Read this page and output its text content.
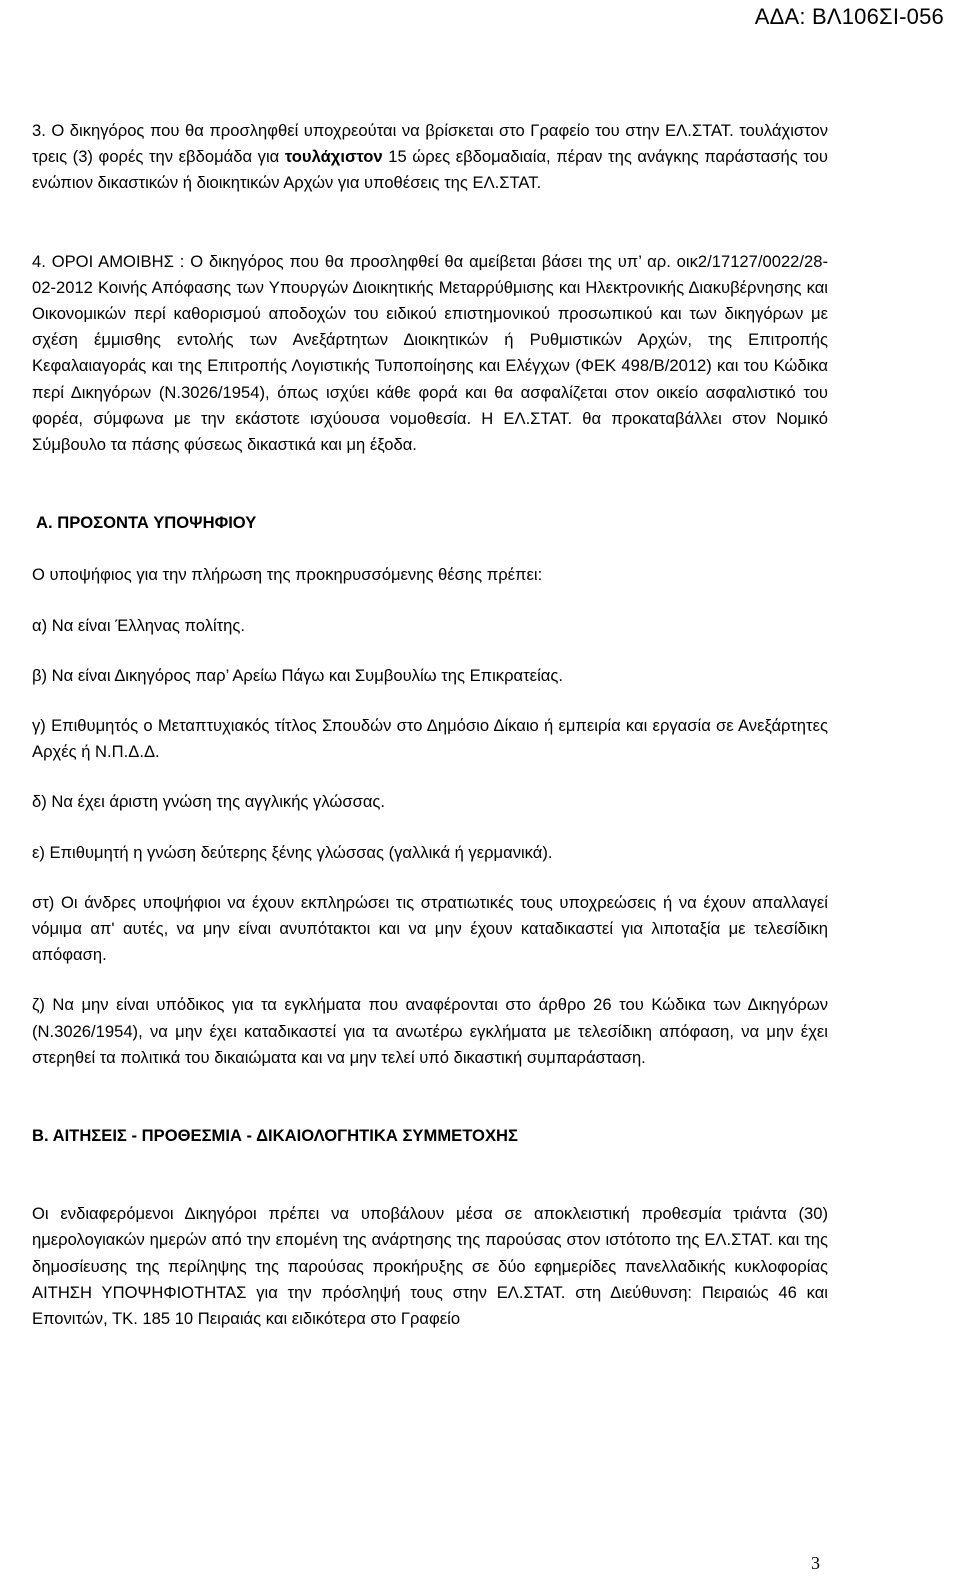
ΑΔΑ: ΒΛ106ΣΙ-056

3. Ο δικηγόρος που θα προσληφθεί υποχρεούται να βρίσκεται στο Γραφείο του στην ΕΛ.ΣΤΑΤ. τουλάχιστον τρεις (3) φορές την εβδομάδα για τουλάχιστον 15 ώρες εβδομαδιαία, πέραν της ανάγκης παράστασής του ενώπιον δικαστικών ή διοικητικών Αρχών για υποθέσεις της ΕΛ.ΣΤΑΤ.

4. ΟΡΟΙ ΑΜΟΙΒΗΣ : Ο δικηγόρος που θα προσληφθεί θα αμείβεται βάσει της υπ’ αρ. οικ2/17127/0022/28-02-2012 Κοινής Απόφασης των Υπουργών Διοικητικής Μεταρρύθμισης και Ηλεκτρονικής Διακυβέρνησης και Οικονομικών περί καθορισμού αποδοχών του ειδικού επιστημονικού προσωπικού και των δικηγόρων με σχέση έμμισθης εντολής των Ανεξάρτητων Διοικητικών ή Ρυθμιστικών Αρχών, της Επιτροπής Κεφαλαιαγοράς και της Επιτροπής Λογιστικής Τυποποίησης και Ελέγχων (ΦΕΚ 498/Β/2012) και του Κώδικα περί Δικηγόρων (Ν.3026/1954), όπως ισχύει κάθε φορά και θα ασφαλίζεται στον οικείο ασφαλιστικό του φορέα, σύμφωνα με την εκάστοτε ισχύουσα νομοθεσία. Η ΕΛ.ΣΤΑΤ. θα προκαταβάλλει στον Νομικό Σύμβουλο τα πάσης φύσεως δικαστικά και μη έξοδα.

Α. ΠΡΟΣΟΝΤΑ ΥΠΟΨΗΦΙΟΥ

Ο υποψήφιος για την πλήρωση της προκηρυσσόμενης θέσης πρέπει:

α) Να είναι Έλληνας πολίτης.

β) Να είναι Δικηγόρος παρ’ Αρείω Πάγω και Συμβουλίω της Επικρατείας.

γ) Επιθυμητός ο Μεταπτυχιακός τίτλος Σπουδών στο Δημόσιο Δίκαιο ή εμπειρία και εργασία σε Ανεξάρτητες Αρχές ή Ν.Π.Δ.Δ.

δ) Να έχει άριστη γνώση της αγγλικής γλώσσας.

ε) Επιθυμητή η γνώση δεύτερης ξένης γλώσσας (γαλλικά ή γερμανικά).

στ) Οι άνδρες υποψήφιοι να έχουν εκπληρώσει τις στρατιωτικές τους υποχρεώσεις ή να έχουν απαλλαγεί νόμιμα απ' αυτές, να μην είναι ανυπότακτοι και να μην έχουν καταδικαστεί για λιποταξία με τελεσίδικη απόφαση.

ζ) Να μην είναι υπόδικος για τα εγκλήματα που αναφέρονται στο άρθρο 26 του Κώδικα των Δικηγόρων (Ν.3026/1954), να μην έχει καταδικαστεί για τα ανωτέρω εγκλήματα με τελεσίδικη απόφαση, να μην έχει στερηθεί τα πολιτικά του δικαιώματα και να μην τελεί υπό δικαστική συμπαράσταση.

Β. ΑΙΤΗΣΕΙΣ - ΠΡΟΘΕΣΜΙΑ - ΔΙΚΑΙΟΛΟΓΗΤΙΚΑ ΣΥΜΜΕΤΟΧΗΣ

Οι ενδιαφερόμενοι Δικηγόροι πρέπει να υποβάλουν μέσα σε αποκλειστική προθεσμία τριάντα (30) ημερολογιακών ημερών από την επομένη της ανάρτησης της παρούσας στον ιστότοπο της ΕΛ.ΣΤΑΤ. και της δημοσίευσης της περίληψης της παρούσας προκήρυξης σε δύο εφημερίδες πανελλαδικής κυκλοφορίας ΑΙΤΗΣΗ ΥΠΟΨΗΦΙΟΤΗΤΑΣ για την πρόσληψή τους στην ΕΛ.ΣΤΑΤ. στη Διεύθυνση: Πειραιώς 46 και Επονιτών, ΤΚ. 185 10 Πειραιάς και ειδικότερα στο Γραφείο

3
